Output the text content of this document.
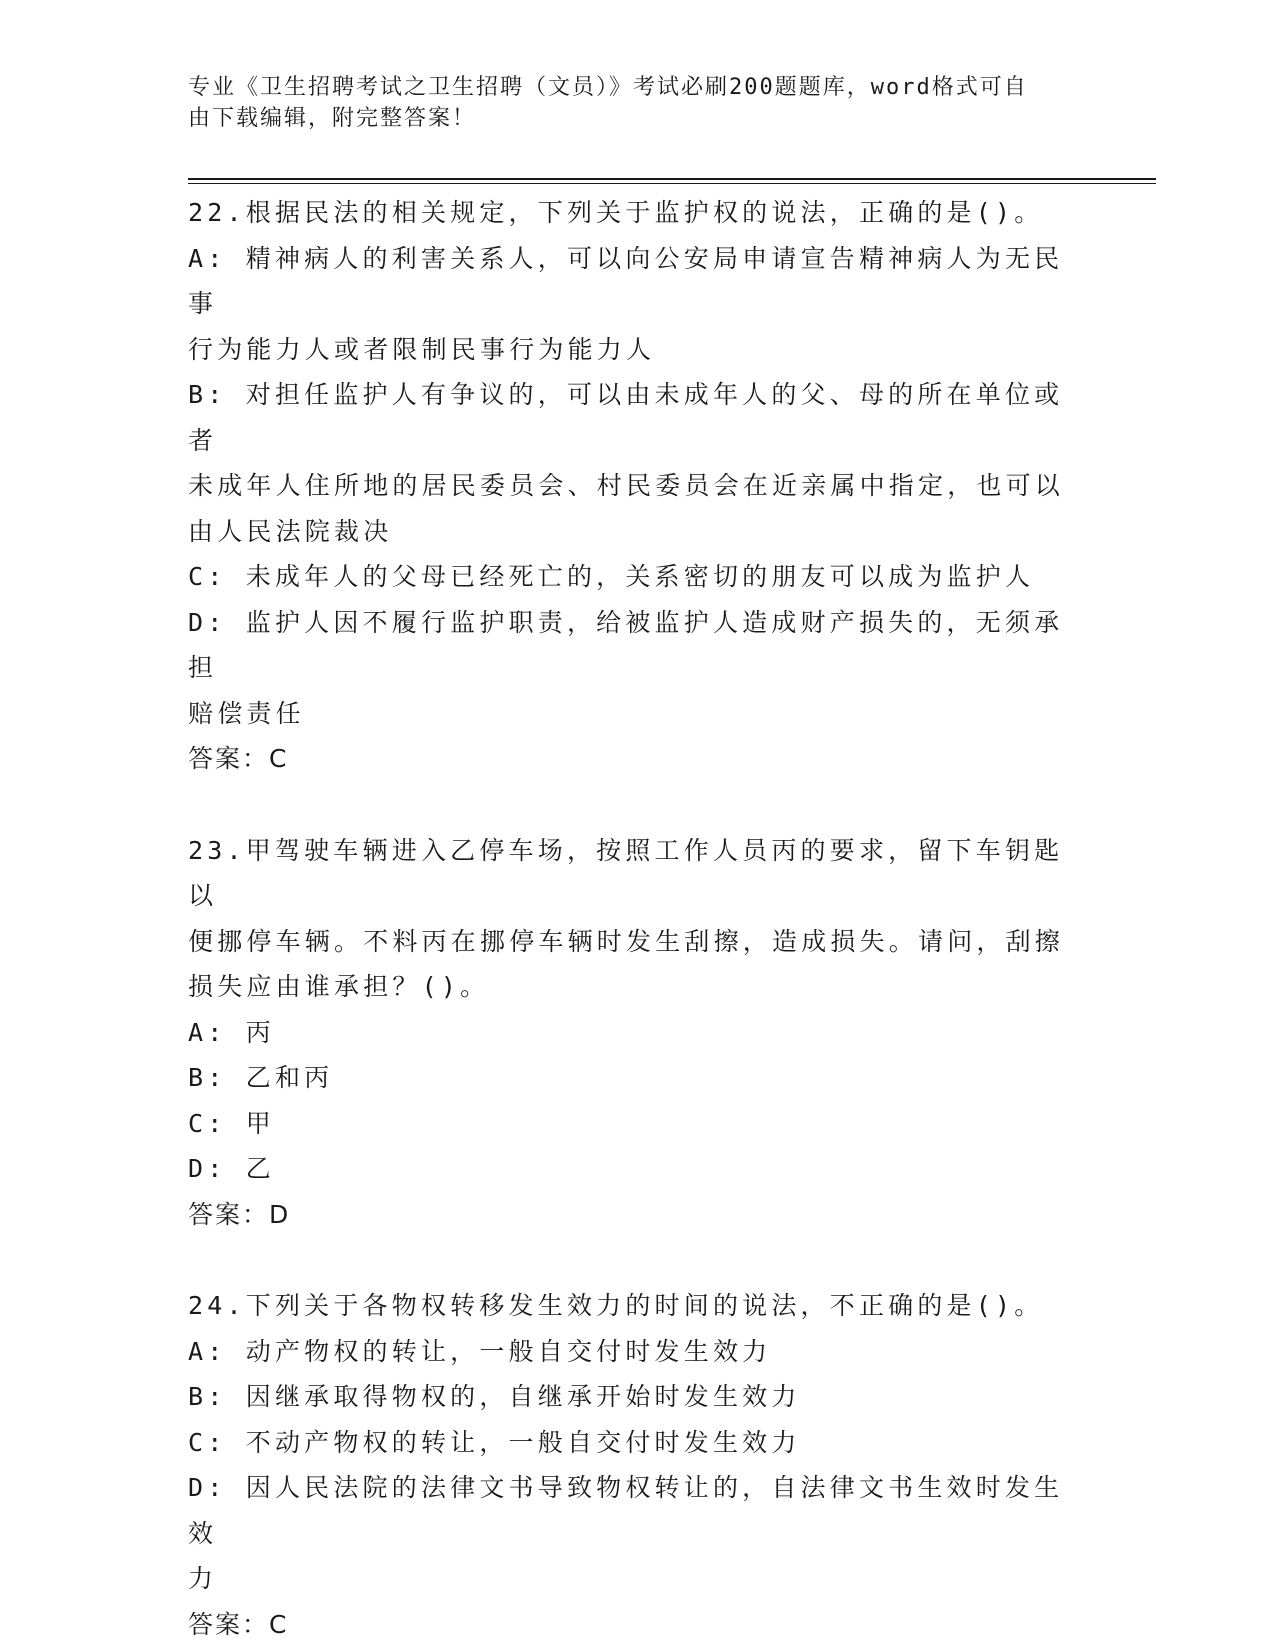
专业《卫生招聘考试之卫生招聘（文员）》考试必刷200题题库，word格式可自
由下载编辑，附完整答案！
22.根据民法的相关规定，下列关于监护权的说法，正确的是()。
A: 精神病人的利害关系人，可以向公安局申请宣告精神病人为无民事
行为能力人或者限制民事行为能力人
B: 对担任监护人有争议的，可以由未成年人的父、母的所在单位或者
未成年人住所地的居民委员会、村民委员会在近亲属中指定，也可以
由人民法院裁决
C: 未成年人的父母已经死亡的，关系密切的朋友可以成为监护人
D: 监护人因不履行监护职责，给被监护人造成财产损失的，无须承担
赔偿责任
答案：C
23.甲驾驶车辆进入乙停车场，按照工作人员丙的要求，留下车钥匙以
便挪停车辆。不料丙在挪停车辆时发生刮擦，造成损失。请问，刮擦
损失应由谁承担？()。
A: 丙
B: 乙和丙
C: 甲
D: 乙
答案：D
24.下列关于各物权转移发生效力的时间的说法，不正确的是()。
A: 动产物权的转让，一般自交付时发生效力
B: 因继承取得物权的，自继承开始时发生效力
C: 不动产物权的转让，一般自交付时发生效力
D: 因人民法院的法律文书导致物权转让的，自法律文书生效时发生效
力
答案：C
